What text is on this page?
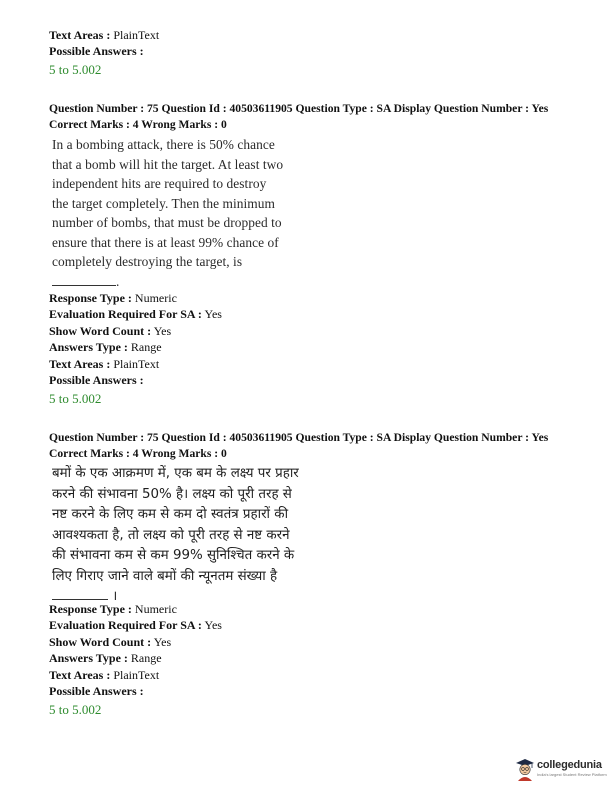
Text Areas : PlainText
Possible Answers :
5 to 5.002
Question Number : 75 Question Id : 40503611905 Question Type : SA Display Question Number : Yes
Correct Marks : 4 Wrong Marks : 0
In a bombing attack, there is 50% chance
that a bomb will hit the target. At least two
independent hits are required to destroy
the target completely. Then the minimum
number of bombs, that must be dropped to
ensure that there is at least 99% chance of
completely destroying the target, is
.
Response Type : Numeric
Evaluation Required For SA : Yes
Show Word Count : Yes
Answers Type : Range
Text Areas : PlainText
Possible Answers :
5 to 5.002
Question Number : 75 Question Id : 40503611905 Question Type : SA Display Question Number : Yes
Correct Marks : 4 Wrong Marks : 0
बमों के एक आक्रमण में, एक बम के लक्ष्य पर प्रहार
करने की संभावना 50% है। लक्ष्य को पूरी तरह से
नष्ट करने के लिए कम से कम दो स्वतंत्र प्रहारों की
आवश्यकता है, तो लक्ष्य को पूरी तरह से नष्ट करने
की संभावना कम से कम 99% सुनिश्चित करने के
लिए गिराए जाने वाले बमों की न्यूनतम संख्या है
।
Response Type : Numeric
Evaluation Required For SA : Yes
Show Word Count : Yes
Answers Type : Range
Text Areas : PlainText
Possible Answers :
5 to 5.002
collegedunia
India's largest Student Review Platform
